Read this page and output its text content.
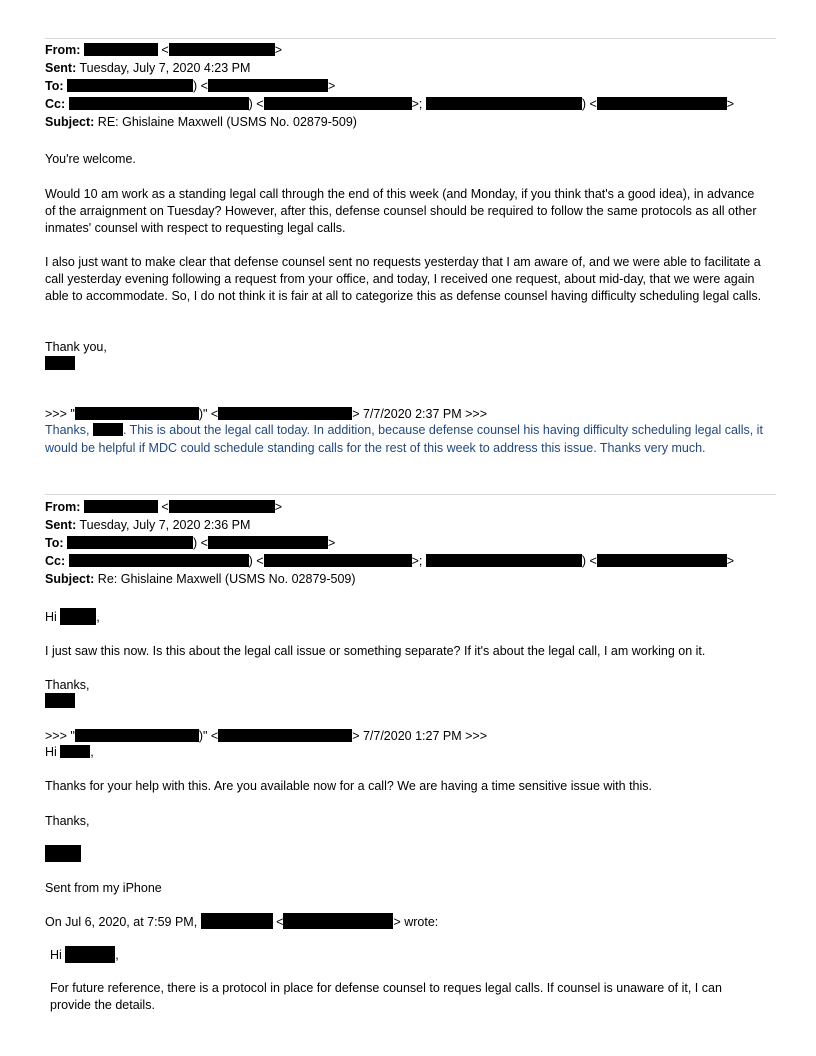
From:	<	>
Sent: Tuesday, July 7, 2020 4:23 PM
To:	) <	>
Cc:	) <	>;	) <	>
Subject: RE: Ghislaine Maxwell (USMS No. 02879-509)
You're welcome.
Would 10 am work as a standing legal call through the end of this week (and Monday, if you think that's a good idea), in advance of the arraignment on Tuesday? However, after this, defense counsel should be required to follow the same protocols as all other inmates' counsel with respect to requesting legal calls.
I also just want to make clear that defense counsel sent no requests yesterday that I am aware of, and we were able to facilitate a call yesterday evening following a request from your office, and today, I received one request, about mid-day, that we were again able to accommodate. So, I do not think it is fair at all to categorize this as defense counsel having difficulty scheduling legal calls.
Thank you,
>>> "	)" <	> 7/7/2020 2:37 PM >>>
Thanks, . This is about the legal call today. In addition, because defense counsel his having difficulty scheduling legal calls, it would be helpful if MDC could schedule standing calls for the rest of this week to address this issue. Thanks very much.
From:	<	>
Sent: Tuesday, July 7, 2020 2:36 PM
To:	) <	>
Cc:	) <	>;	) <	>
Subject: Re: Ghislaine Maxwell (USMS No. 02879-509)
Hi	,
I just saw this now. Is this about the legal call issue or something separate? If it's about the legal call, I am working on it.
Thanks,
>>> "	)" <	> 7/7/2020 1:27 PM >>>
Hi	,
Thanks for your help with this. Are you available now for a call? We are having a time sensitive issue with this.
Thanks,
Sent from my iPhone
On Jul 6, 2020, at 7:59 PM,	<	> wrote:
Hi	,
For future reference, there is a protocol in place for defense counsel to reques legal calls. If counsel is unaware of it, I can provide the details.
